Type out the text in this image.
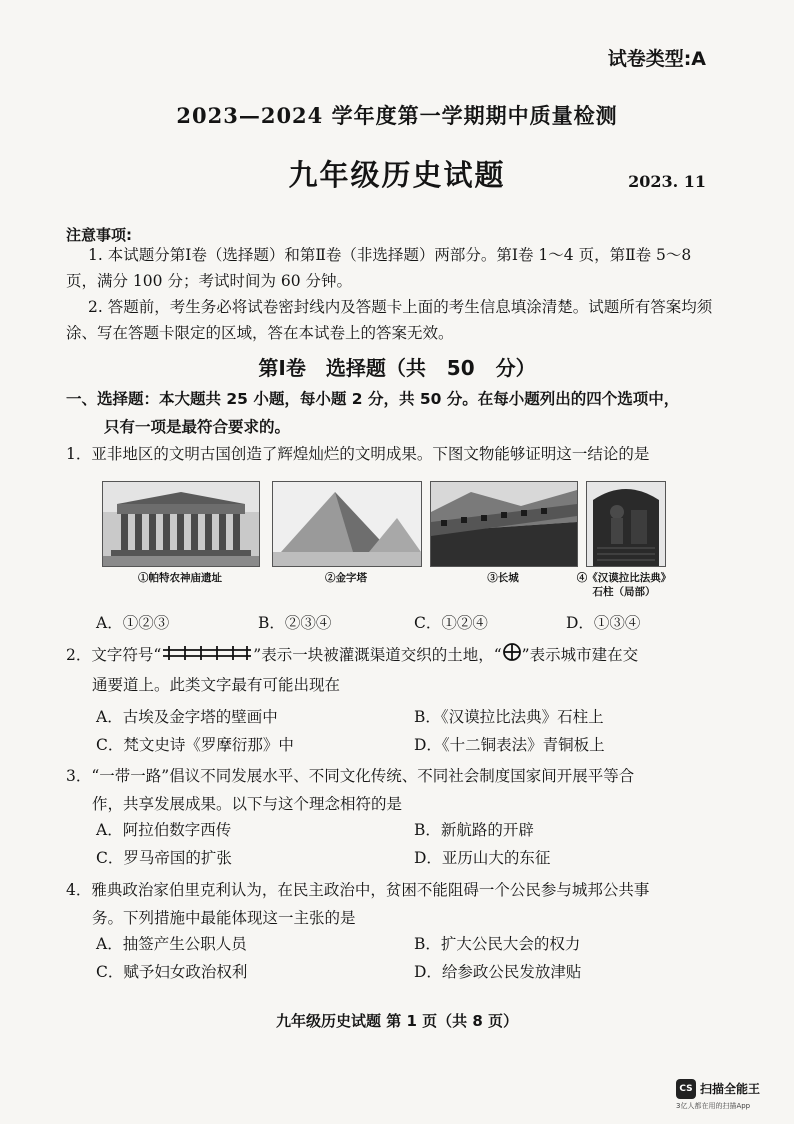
试卷类型:A
2023—2024 学年度第一学期期中质量检测
九年级历史试题	2023. 11
注意事项:
1. 本试题分第Ⅰ卷（选择题）和第Ⅱ卷（非选择题）两部分。第Ⅰ卷 1～4 页，第Ⅱ卷 5～8 页，满分 100 分；考试时间为 60 分钟。
2. 答题前，考生务必将试卷密封线内及答题卡上面的考生信息填涂清楚。试题所有答案均须涂、写在答题卡限定的区域，答在本试卷上的答案无效。
第Ⅰ卷　选择题（共 50 分）
一、选择题：本大题共 25 小题，每小题 2 分，共 50 分。在每小题列出的四个选项中，
只有一项是最符合要求的。
1．亚非地区的文明古国创造了辉煌灿烂的文明成果。下图文物能够证明这一结论的是
①帕特农神庙遗址	②金字塔	③长城	④《汉谟拉比法典》
石柱（局部）
A．①②③	B．②③④	C．①②④	D．①③④
2．文字符号“	”表示一块被灌溉渠道交织的土地，“ ”表示城市建在交
通要道上。此类文字最有可能出现在
A．古埃及金字塔的壁画中	B．《汉谟拉比法典》石柱上
C．梵文史诗《罗摩衍那》中	D．《十二铜表法》青铜板上
3．“一带一路”倡议不同发展水平、不同文化传统、不同社会制度国家间开展平等合
作，共享发展成果。以下与这个理念相符的是
A．阿拉伯数字西传	B．新航路的开辟
C．罗马帝国的扩张	D．亚历山大的东征
4．雅典政治家伯里克利认为，在民主政治中，贫困不能阻碍一个公民参与城邦公共事
务。下列措施中最能体现这一主张的是
A．抽签产生公职人员	B．扩大公民大会的权力
C．赋予妇女政治权利	D．给参政公民发放津贴
九年级历史试题 第 1 页（共 8 页）
CS 扫描全能王
3亿人都在用的扫描App
